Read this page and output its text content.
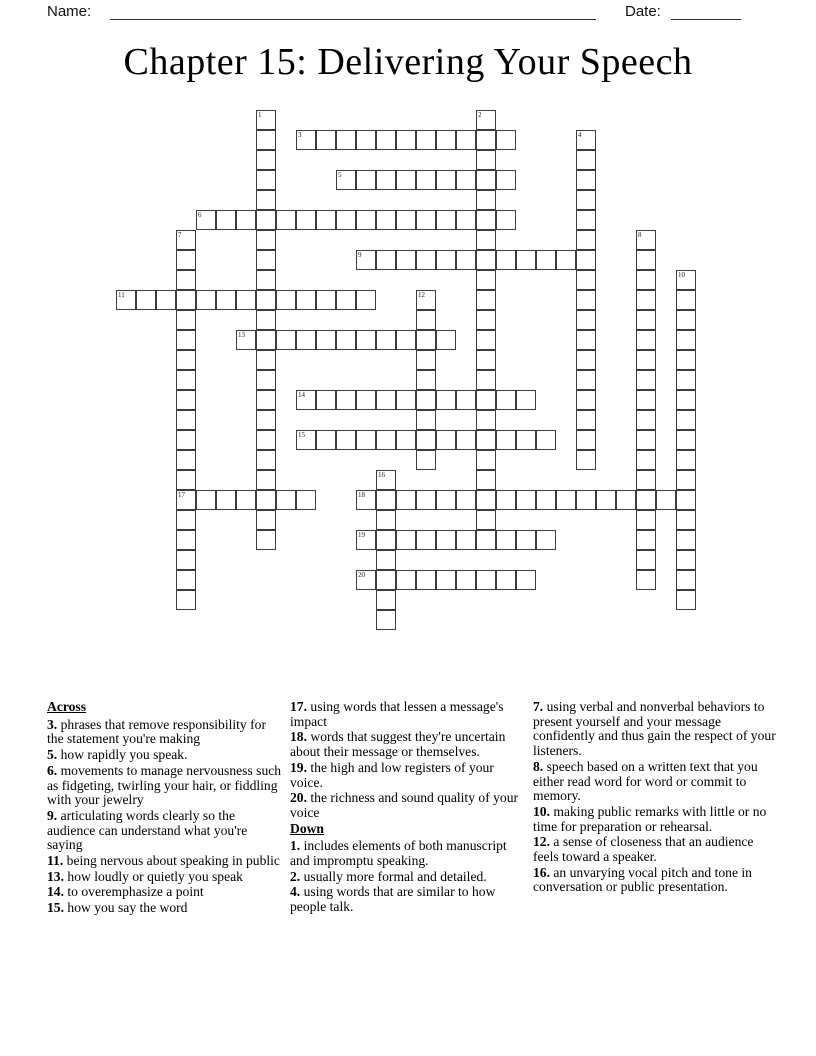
Name:	Date:
Chapter 15: Delivering Your Speech
1	2
3	4
5
6
7
17
8
9
10
11	12
13
14
15
16
18
19
20
Across
3. phrases that remove responsibility for the statement you're making
5. how rapidly you speak.
6. movements to manage nervousness such as fidgeting, twirling your hair, or fiddling with your jewelry
9. articulating words clearly so the audience can understand what you're saying
11. being nervous about speaking in public
13. how loudly or quietly you speak
14. to overemphasize a point
15. how you say the word
17. using words that lessen a message's impact
18. words that suggest they're uncertain about their message or themselves.
19. the high and low registers of your voice.
20. the richness and sound quality of your voice
Down
1. includes elements of both manuscript and impromptu speaking.
2. usually more formal and detailed.
4. using words that are similar to how people talk.
7. using verbal and nonverbal behaviors to present yourself and your message confidently and thus gain the respect of your listeners.
8. speech based on a written text that you either read word for word or commit to memory.
10. making public remarks with little or no time for preparation or rehearsal.
12. a sense of closeness that an audience feels toward a speaker.
16. an unvarying vocal pitch and tone in conversation or public presentation.
